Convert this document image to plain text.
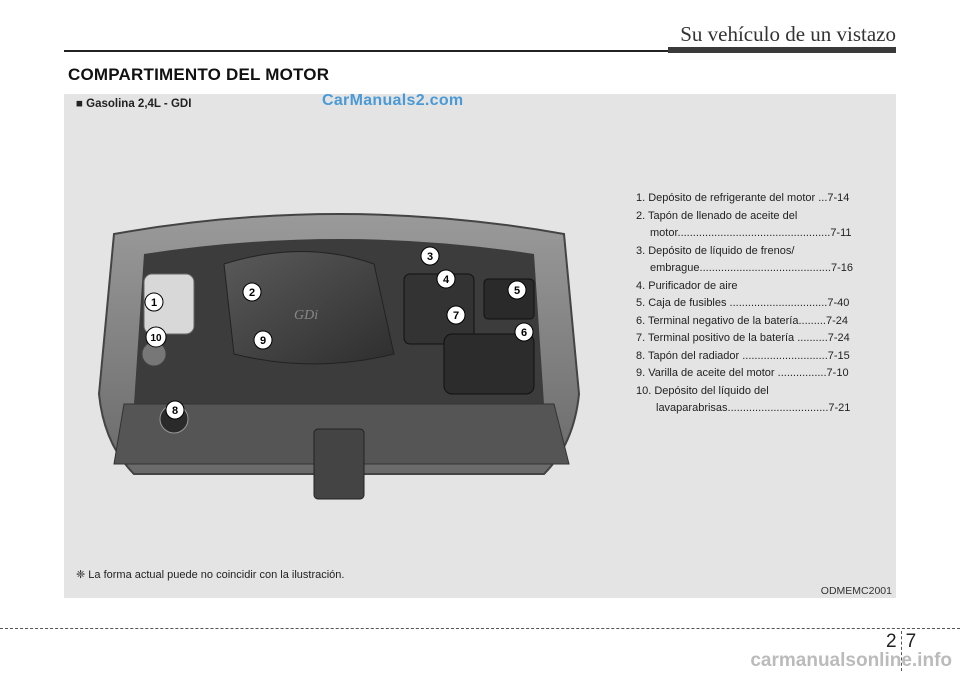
Su vehículo de un vistazo
COMPARTIMENTO DEL MOTOR
■ Gasolina 2,4L - GDI	CarManuals2.com
GDi
1
2
3
4
5
6
7
8
9
10
1. Depósito de refrigerante del motor ...7-14
2. Tapón de llenado de aceite del
motor..................................................7-11
3. Depósito de líquido de frenos/
embrague...........................................7-16
4. Purificador de aire
5. Caja de fusibles ................................7-40
6. Terminal negativo de la batería.........7-24
7. Terminal positivo de la batería ..........7-24
8. Tapón del radiador ............................7-15
9. Varilla de aceite del motor ................7-10
10. Depósito del líquido del
lavaparabrisas.................................7-21
❈ La forma actual puede no coincidir con la ilustración.
ODMEMC2001
27
carmanualsonline.info
